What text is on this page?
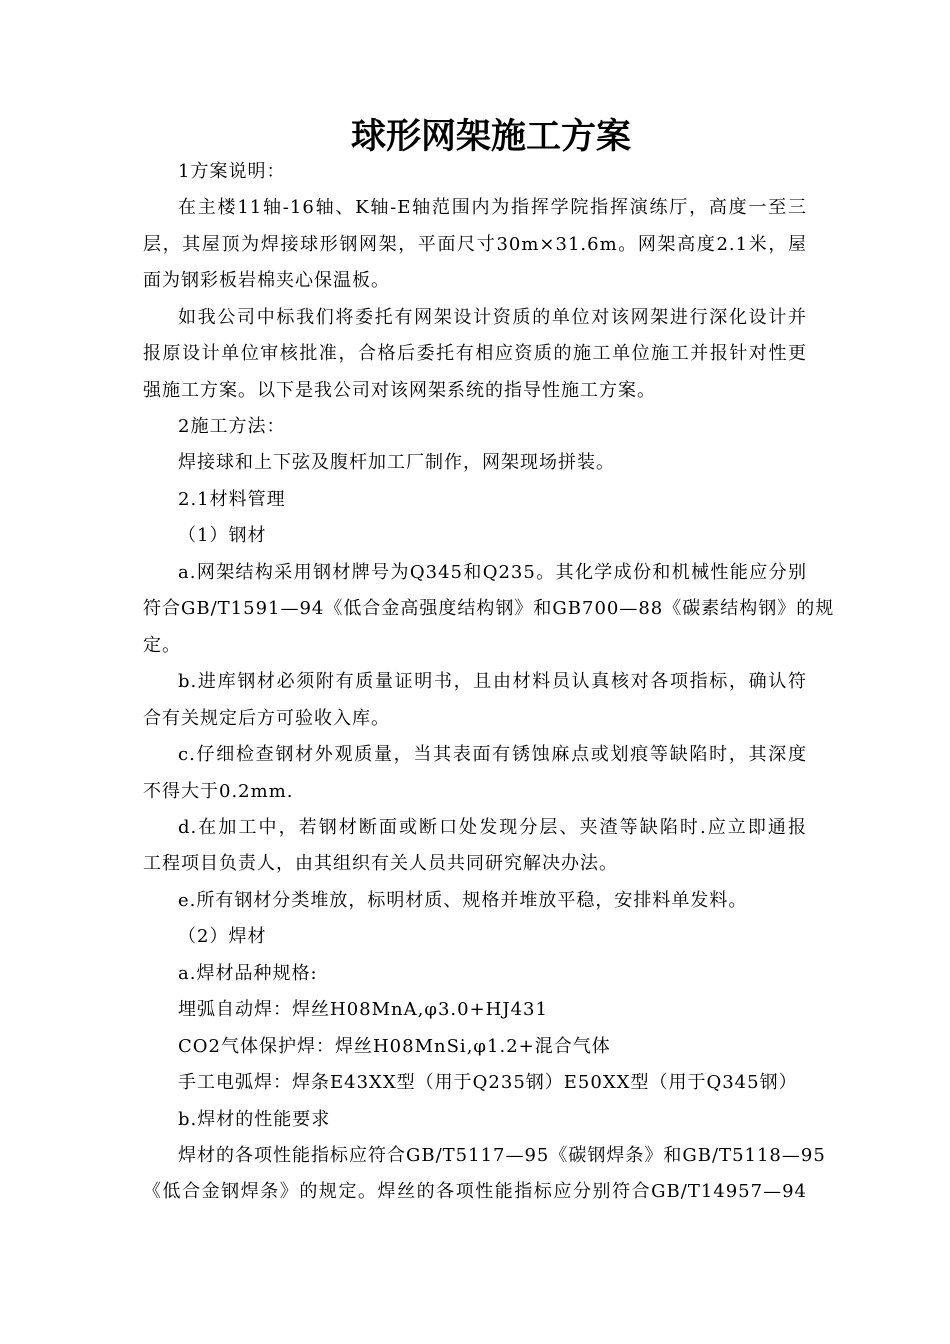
球形网架施工方案
1方案说明：
在主楼11轴-16轴、K轴-E轴范围内为指挥学院指挥演练厅，高度一至三
层，其屋顶为焊接球形钢网架，平面尺寸30m×31.6m。网架高度2.1米，屋
面为钢彩板岩棉夹心保温板。
如我公司中标我们将委托有网架设计资质的单位对该网架进行深化设计并
报原设计单位审核批准，合格后委托有相应资质的施工单位施工并报针对性更
强施工方案。以下是我公司对该网架系统的指导性施工方案。
2施工方法：
焊接球和上下弦及腹杆加工厂制作，网架现场拼装。
2.1材料管理
（1）钢材
a.网架结构采用钢材牌号为Q345和Q235。其化学成份和机械性能应分别
符合GB/T1591—94《低合金高强度结构钢》和GB700—88《碳素结构钢》的规
定。
b.进库钢材必须附有质量证明书，且由材料员认真核对各项指标，确认符
合有关规定后方可验收入库。
c.仔细检查钢材外观质量，当其表面有锈蚀麻点或划痕等缺陷时，其深度
不得大于0.2mm.
d.在加工中，若钢材断面或断口处发现分层、夹渣等缺陷时.应立即通报
工程项目负责人，由其组织有关人员共同研究解决办法。
e.所有钢材分类堆放，标明材质、规格并堆放平稳，安排料单发料。
（2）焊材
a.焊材品种规格:
埋弧自动焊：焊丝H08MnA,φ3.0+HJ431
CO2气体保护焊：焊丝H08MnSi,φ1.2+混合气体
手工电弧焊：焊条E43XX型（用于Q235钢）E50XX型（用于Q345钢）
b.焊材的性能要求
焊材的各项性能指标应符合GB/T5117—95《碳钢焊条》和GB/T5118—95
《低合金钢焊条》的规定。焊丝的各项性能指标应分别符合GB/T14957—94
